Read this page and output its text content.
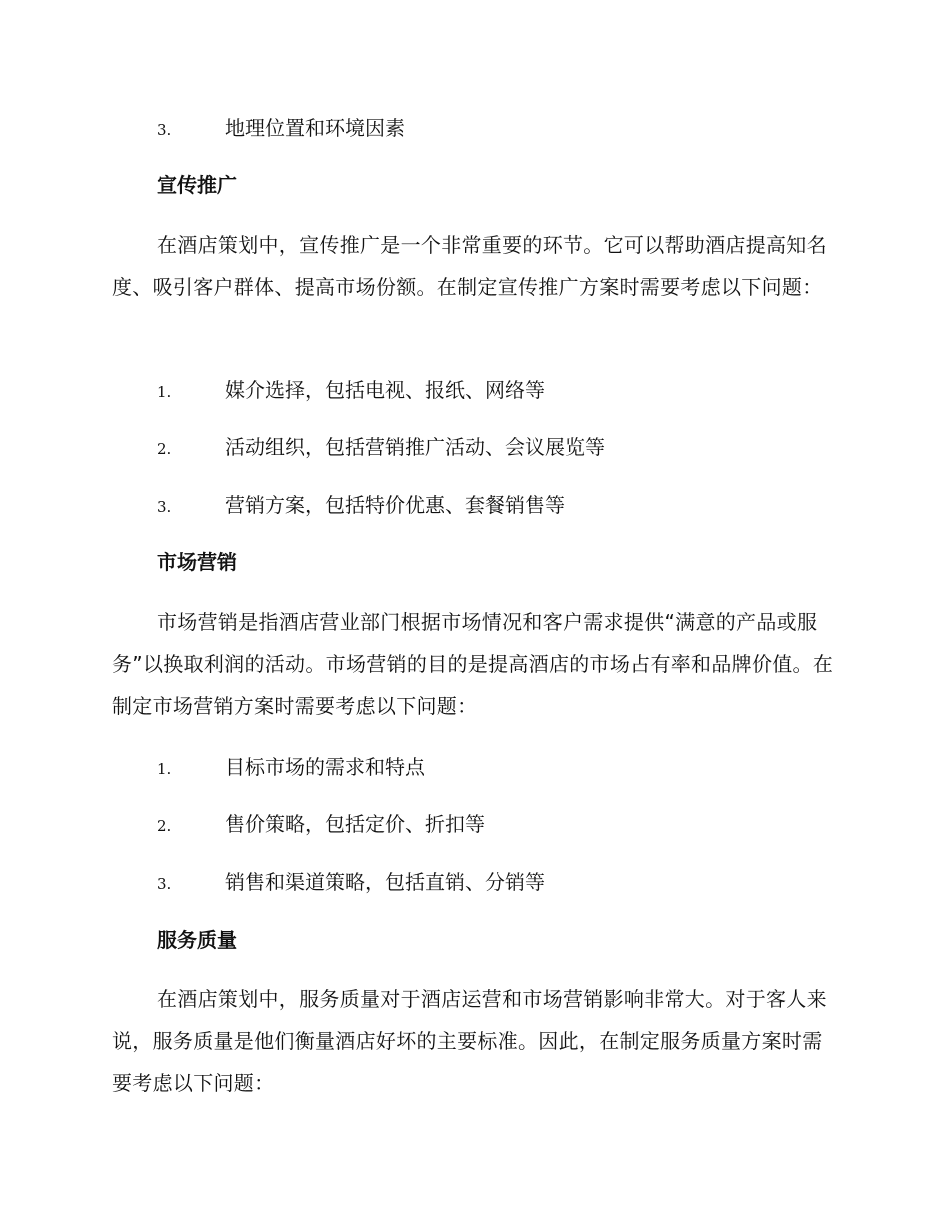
3.	地理位置和环境因素
宣传推广
在酒店策划中，宣传推广是一个非常重要的环节。它可以帮助酒店提高知名度、吸引客户群体、提高市场份额。在制定宣传推广方案时需要考虑以下问题：
1.	媒介选择，包括电视、报纸、网络等
2.	活动组织，包括营销推广活动、会议展览等
3.	营销方案，包括特价优惠、套餐销售等
市场营销
市场营销是指酒店营业部门根据市场情况和客户需求提供“满意的产品或服务”以换取利润的活动。市场营销的目的是提高酒店的市场占有率和品牌价值。在制定市场营销方案时需要考虑以下问题：
1.	目标市场的需求和特点
2.	售价策略，包括定价、折扣等
3.	销售和渠道策略，包括直销、分销等
服务质量
在酒店策划中，服务质量对于酒店运营和市场营销影响非常大。对于客人来说，服务质量是他们衡量酒店好坏的主要标准。因此，在制定服务质量方案时需要考虑以下问题：
